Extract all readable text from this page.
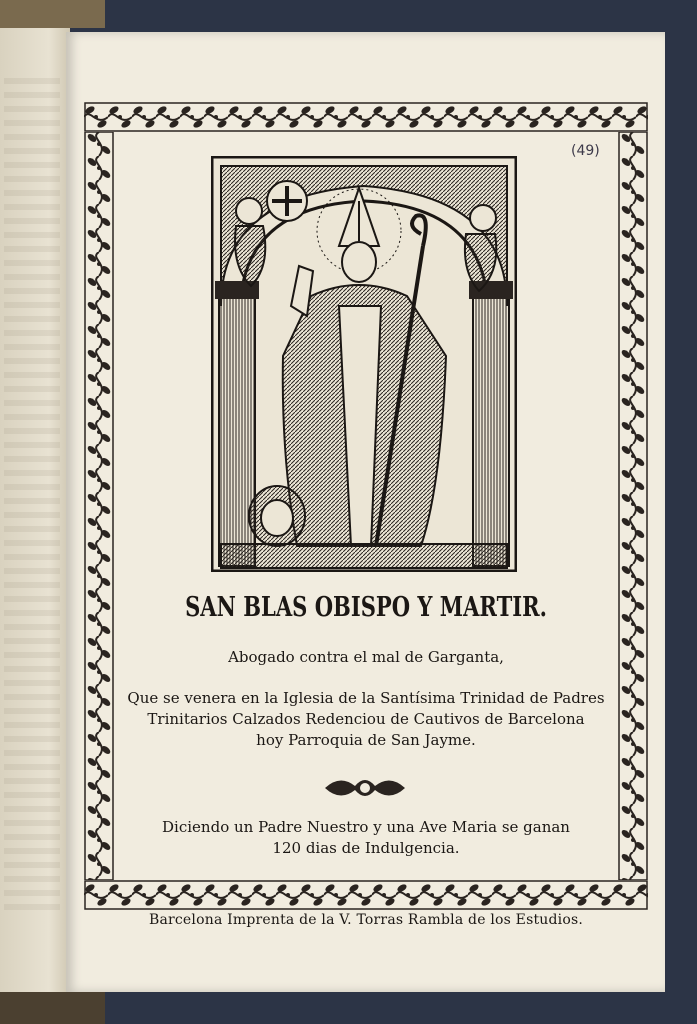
(49)
SAN BLAS OBISPO Y MARTIR.
Abogado contra el mal de Garganta,
Que se venera en la Iglesia de la Santísima Trinidad de Padres
Trinitarios Calzados Redenciou de Cautivos de Barcelona
hoy Parroquia de San Jayme.
Diciendo un Padre Nuestro y una Ave Maria se ganan
120 dias de Indulgencia.
Barcelona Imprenta de la V. Torras Rambla de los Estudios.
